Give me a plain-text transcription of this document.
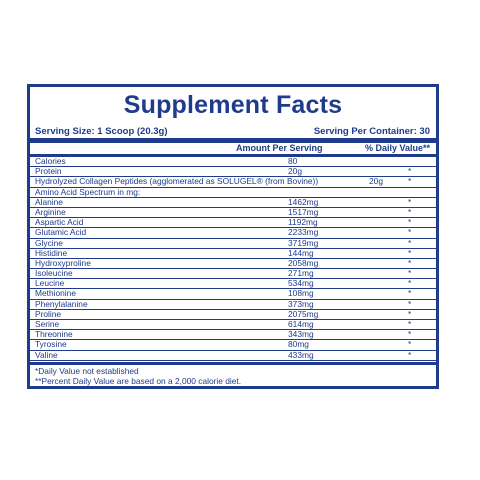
Supplement Facts
Serving Size: 1 Scoop (20.3g)	Serving Per Container: 30
Amount Per Serving	% Daily Value**
Calories	80
Protein	20g	*
Hydrolyzed Collagen Peptides (agglomerated as SOLUGEL® (from Bovine))	20g	*
Amino Acid Spectrum in mg:
Alanine	1462mg	*
Arginine	1517mg	*
Aspartic Acid	1192mg	*
Glutamic Acid	2233mg	*
Glycine	3719mg	*
Histidine	144mg	*
Hydroxyproline	2058mg	*
Isoleucine	271mg	*
Leucine	534mg	*
Methionine	108mg	*
Phenylalanine	373mg	*
Proline	2075mg	*
Serine	614mg	*
Threonine	343mg	*
Tyrosine	80mg	*
Valine	433mg	*
*Daily Value not established
**Percent Daily Value are based on a 2,000 calorie diet.
